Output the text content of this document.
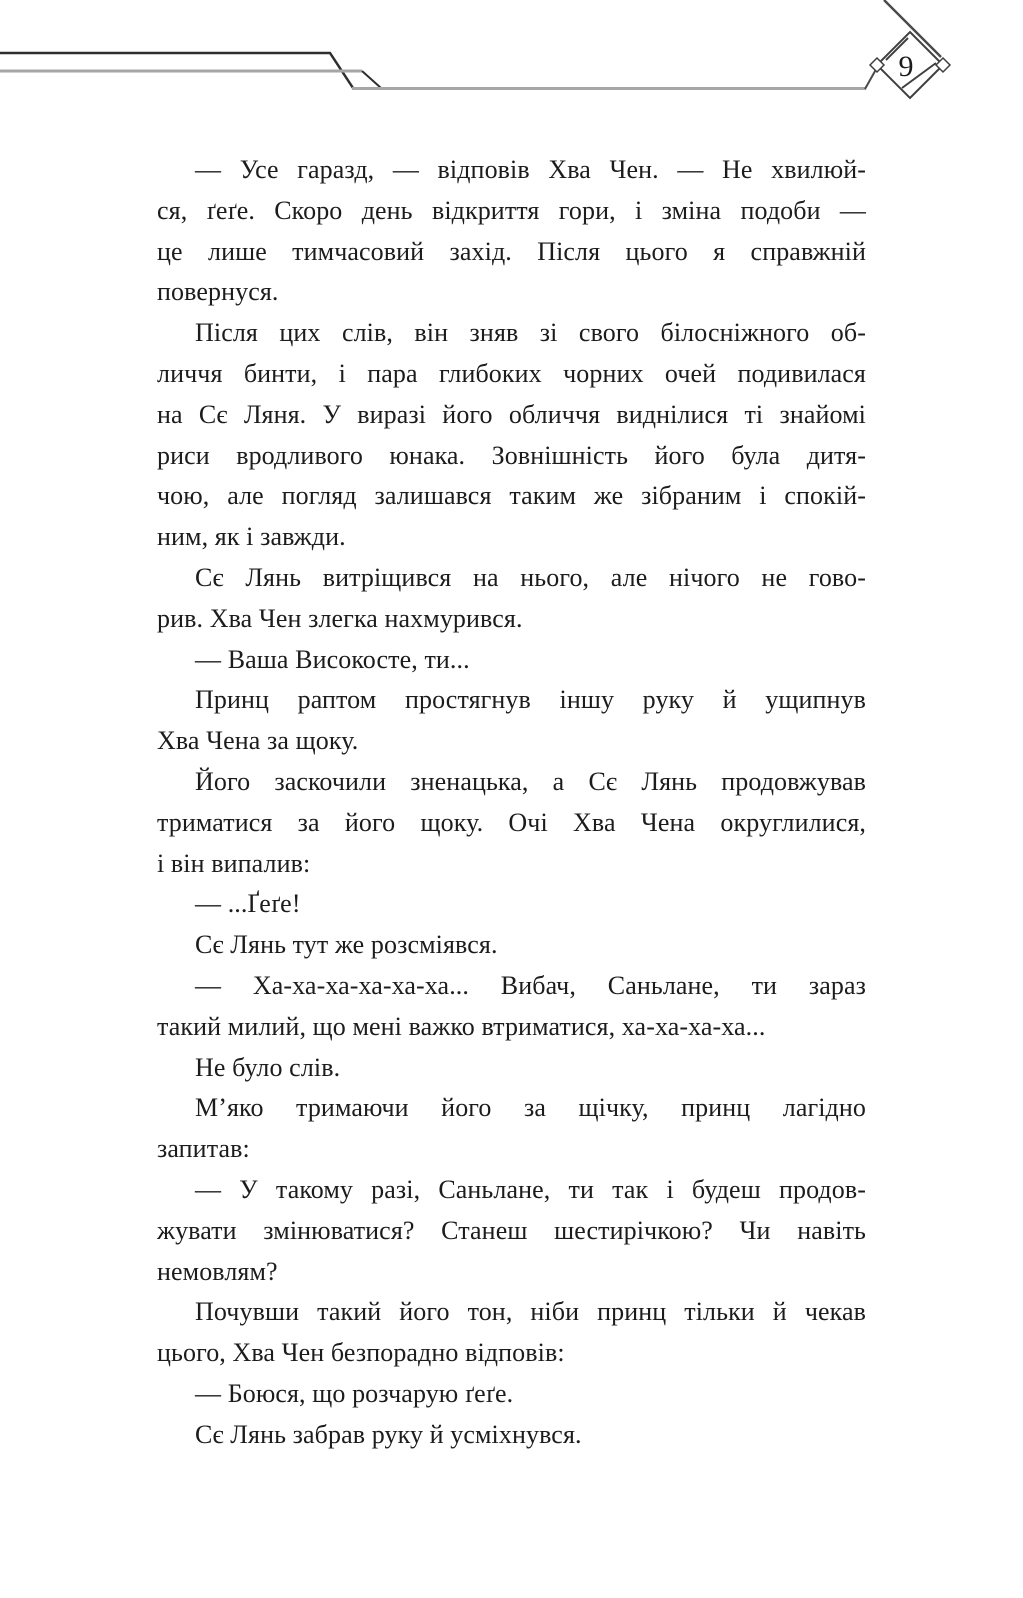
9
— Усе гаразд, — відповів Хва Чен. — Не хвилюй-
ся, ґеґе. Скоро день відкриття гори, і зміна подоби —
це лише тимчасовий захід. Після цього я справжній
повернуся.
Після цих слів, він зняв зі свого білосніжного об-
личчя бинти, і пара глибоких чорних очей подивилася
на Сє Ляня. У виразі його обличчя виднілися ті знайомі
риси вродливого юнака. Зовнішність його була дитя-
чою, але погляд залишався таким же зібраним і спокій-
ним, як і завжди.
Сє Лянь витріщився на нього, але нічого не гово-
рив. Хва Чен злегка нахмурився.
— Ваша Високосте, ти...
Принц раптом простягнув іншу руку й ущипнув
Хва Чена за щоку.
Його заскочили зненацька, а Сє Лянь продовжував
триматися за його щоку. Очі Хва Чена округлилися,
і він випалив:
— ...Ґеґе!
Сє Лянь тут же розсміявся.
— Ха-ха-ха-ха-ха-ха... Вибач, Саньлане, ти зараз
такий милий, що мені важко втриматися, ха-ха-ха-ха...
Не було слів.
М’яко тримаючи його за щічку, принц лагідно
запитав:
— У такому разі, Саньлане, ти так і будеш продов-
жувати змінюватися? Станеш шестирічкою? Чи навіть
немовлям?
Почувши такий його тон, ніби принц тільки й чекав
цього, Хва Чен безпорадно відповів:
— Боюся, що розчарую ґеґе.
Сє Лянь забрав руку й усміхнувся.
